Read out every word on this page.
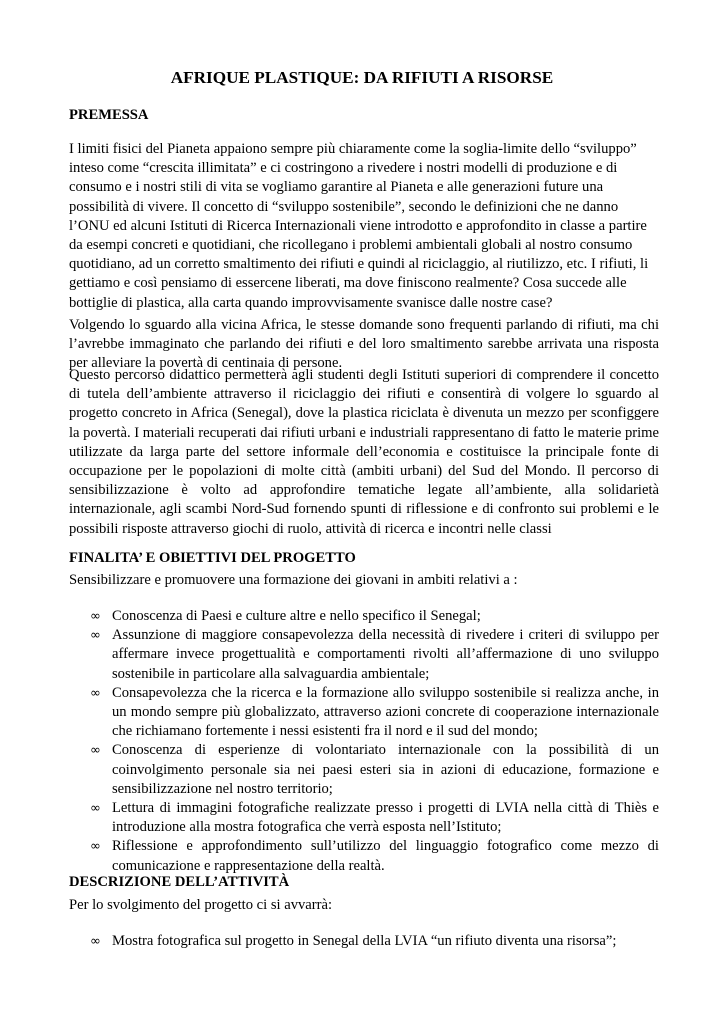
AFRIQUE PLASTIQUE: DA RIFIUTI A RISORSE
PREMESSA
I limiti fisici del Pianeta appaiono sempre più chiaramente come la soglia-limite dello “sviluppo” inteso come “crescita illimitata” e ci costringono a rivedere i nostri modelli di produzione e di consumo e i nostri stili di vita se vogliamo garantire al Pianeta e alle generazioni future una possibilità di vivere. Il concetto di “sviluppo sostenibile”, secondo le definizioni che ne danno l’ONU ed alcuni Istituti di Ricerca Internazionali viene introdotto e approfondito in classe a partire da esempi concreti e quotidiani, che ricollegano i problemi ambientali globali al nostro consumo quotidiano, ad un corretto smaltimento dei rifiuti e quindi al riciclaggio, al riutilizzo, etc. I rifiuti, li gettiamo e così pensiamo di essercene liberati, ma dove finiscono realmente? Cosa succede alle bottiglie di plastica, alla carta quando improvvisamente svanisce dalle nostre case?
Volgendo lo sguardo alla vicina Africa, le stesse domande sono frequenti parlando di rifiuti, ma chi l’avrebbe immaginato che parlando dei rifiuti e del loro smaltimento sarebbe arrivata una risposta per alleviare la povertà di centinaia di persone.
Questo percorso didattico permetterà agli studenti degli Istituti superiori di comprendere il concetto di tutela dell’ambiente attraverso il riciclaggio dei rifiuti e consentirà di volgere lo sguardo al progetto concreto in Africa (Senegal), dove la plastica riciclata è divenuta un mezzo per sconfiggere la povertà. I materiali recuperati dai rifiuti urbani e industriali rappresentano di fatto le materie prime utilizzate da larga parte del settore informale dell’economia e costituisce la principale fonte di occupazione per le popolazioni di molte città (ambiti urbani) del Sud del Mondo. Il percorso di sensibilizzazione è volto ad approfondire tematiche legate all’ambiente, alla solidarietà internazionale, agli scambi Nord-Sud fornendo spunti di riflessione e di confronto sui problemi e le possibili risposte attraverso giochi di ruolo, attività di ricerca e incontri nelle classi
FINALITA’ E OBIETTIVI DEL PROGETTO
Sensibilizzare e promuovere una formazione dei giovani in ambiti relativi a :
∞ Conoscenza di Paesi e culture altre e nello specifico il Senegal;
∞ Assunzione di maggiore consapevolezza della necessità di rivedere i criteri di sviluppo per affermare invece progettualità e comportamenti rivolti all’affermazione di uno sviluppo sostenibile in particolare alla salvaguardia ambientale;
∞ Consapevolezza che la ricerca e la formazione allo sviluppo sostenibile si realizza anche, in un mondo sempre più globalizzato, attraverso azioni concrete di cooperazione internazionale che richiamano fortemente i nessi esistenti fra il nord e il sud del mondo;
∞ Conoscenza di esperienze di volontariato internazionale con la possibilità di un coinvolgimento personale sia nei paesi esteri sia in azioni di educazione, formazione e sensibilizzazione nel nostro territorio;
∞ Lettura di immagini fotografiche realizzate presso i progetti di LVIA nella città di Thiès e introduzione alla mostra fotografica che verrà esposta nell’Istituto;
∞ Riflessione e approfondimento sull’utilizzo del linguaggio fotografico come mezzo di comunicazione e rappresentazione della realtà.
DESCRIZIONE DELL’ATTIVITÀ
Per lo svolgimento del progetto ci si avvarrà:
∞ Mostra fotografica sul progetto in Senegal della LVIA “un rifiuto diventa una risorsa”;
